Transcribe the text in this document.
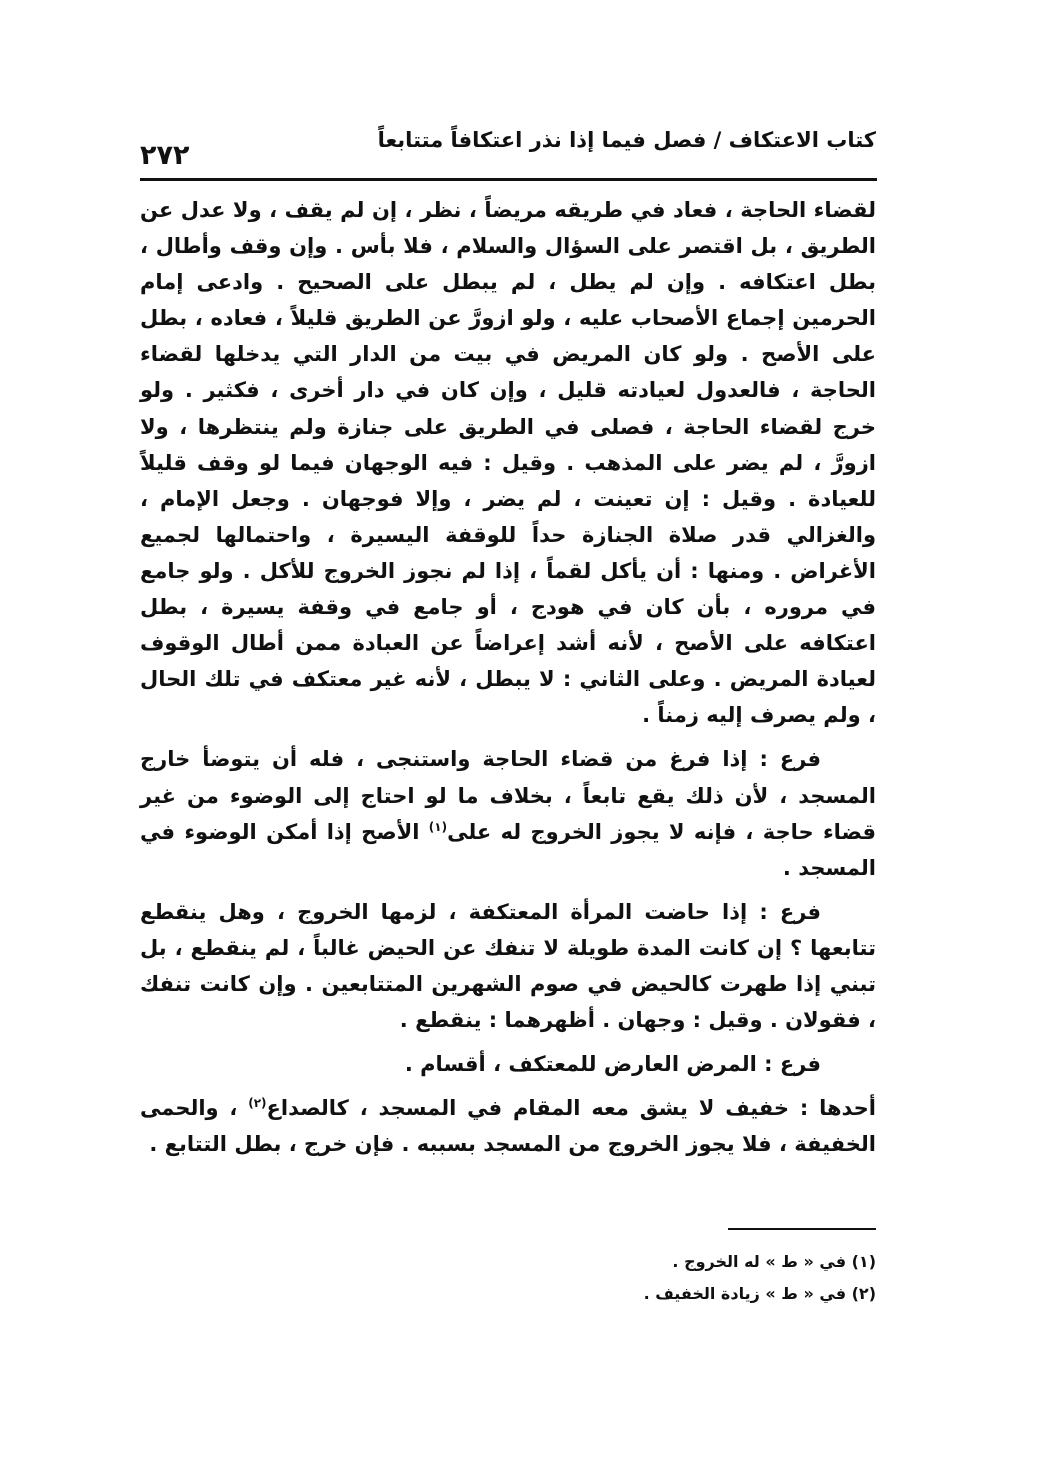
كتاب الاعتكاف / فصل فيما إذا نذر اعتكافاً متتابعاً
٢٧٢

لقضاء الحاجة ، فعاد في طريقه مريضاً ، نظر ، إن لم يقف ، ولا عدل عن الطريق ، بل اقتصر على السؤال والسلام ، فلا بأس . وإن وقف وأطال ، بطل اعتكافه . وإن لم يطل ، لم يبطل على الصحيح . وادعى إمام الحرمين إجماع الأصحاب عليه ، ولو ازورَّ عن الطريق قليلاً ، فعاده ، بطل على الأصح . ولو كان المريض في بيت من الدار التي يدخلها لقضاء الحاجة ، فالعدول لعيادته قليل ، وإن كان في دار أخرى ، فكثير . ولو خرج لقضاء الحاجة ، فصلى في الطريق على جنازة ولم ينتظرها ، ولا ازورَّ ، لم يضر على المذهب . وقيل : فيه الوجهان فيما لو وقف قليلاً للعيادة . وقيل : إن تعينت ، لم يضر ، وإلا فوجهان . وجعل الإمام ، والغزالي قدر صلاة الجنازة حداً للوقفة اليسيرة ، واحتمالها لجميع الأغراض . ومنها : أن يأكل لقماً ، إذا لم نجوز الخروج للأكل . ولو جامع في مروره ، بأن كان في هودج ، أو جامع في وقفة يسيرة ، بطل اعتكافه على الأصح ، لأنه أشد إعراضاً عن العبادة ممن أطال الوقوف لعيادة المريض . وعلى الثاني : لا يبطل ، لأنه غير معتكف في تلك الحال ، ولم يصرف إليه زمناً .

فرع : إذا فرغ من قضاء الحاجة واستنجى ، فله أن يتوضأ خارج المسجد ، لأن ذلك يقع تابعاً ، بخلاف ما لو احتاج إلى الوضوء من غير قضاء حاجة ، فإنه لا يجوز الخروج له على$^{(١)}$ الأصح إذا أمكن الوضوء في المسجد .

فرع : إذا حاضت المرأة المعتكفة ، لزمها الخروج ، وهل ينقطع تتابعها ؟ إن كانت المدة طويلة لا تنفك عن الحيض غالباً ، لم ينقطع ، بل تبني إذا طهرت كالحيض في صوم الشهرين المتتابعين . وإن كانت تنفك ، فقولان . وقيل : وجهان . أظهرهما : ينقطع .

فرع : المرض العارض للمعتكف ، أقسام .

أحدها : خفيف لا يشق معه المقام في المسجد ، كالصداع$^{(٢)}$ ، والحمى الخفيفة ، فلا يجوز الخروج من المسجد بسببه . فإن خرج ، بطل التتابع .

(١) في « ط » له الخروج .

(٢) في « ط » زيادة الخفيف .
